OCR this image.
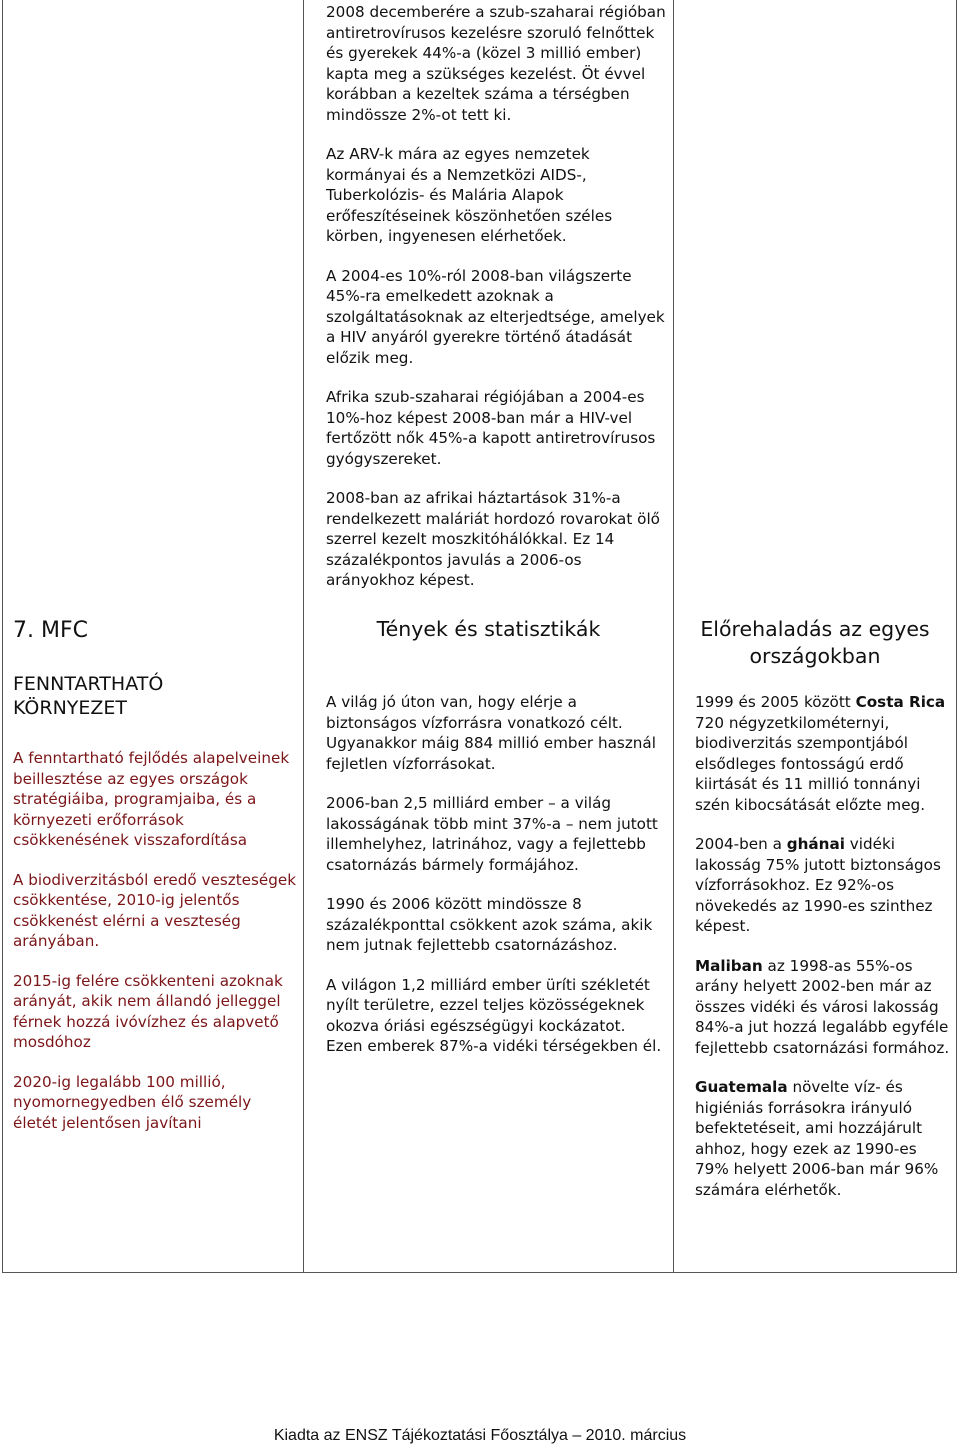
2008 decemberére a szub-szaharai régióban antiretrovírusos kezelésre szoruló felnőttek és gyerekek 44%-a (közel 3 millió ember) kapta meg a szükséges kezelést. Öt évvel korábban a kezeltek száma a térségben mindössze 2%-ot tett ki.

Az ARV-k mára az egyes nemzetek kormányai és a Nemzetközi AIDS-, Tuberkolózis- és Malária Alapok erőfeszítéseinek köszönhetően széles körben, ingyenesen elérhetőek.

A 2004-es 10%-ról 2008-ban világszerte 45%-ra emelkedett azoknak a szolgáltatásoknak az elterjedtsége, amelyek a HIV anyáról gyerekre történő átadását előzik meg.

Afrika szub-szaharai régiójában a 2004-es 10%-hoz képest 2008-ban már a HIV-vel fertőzött nők 45%-a kapott antiretrovírusos gyógyszereket.

2008-ban az afrikai háztartások 31%-a rendelkezett maláriát hordozó rovarokat ölő szerrel kezelt moszkitóhálókkal. Ez 14 százalékpontos javulás a 2006-os arányokhoz képest.

7. MFC
FENNTARTHATÓ
KÖRNYEZET

A fenntartható fejlődés alapelveinek beillesztése az egyes országok stratégiáiba, programjaiba, és a környezeti erőforrások csökkenésének visszafordítása

A biodiverzitásból eredő veszteségek csökkentése, 2010-ig jelentős csökkenést elérni a veszteség arányában.

2015-ig felére csökkenteni azoknak arányát, akik nem állandó jelleggel férnek hozzá ivóvízhez és alapvető mosdóhoz

2020-ig legalább 100 millió, nyomornegyedben élő személy életét jelentősen javítani

Tények és statisztikák

A világ jó úton van, hogy elérje a biztonságos vízforrásra vonatkozó célt. Ugyanakkor máig 884 millió ember használ fejletlen vízforrásokat.

2006-ban 2,5 milliárd ember – a világ lakosságának több mint 37%-a – nem jutott illemhelyhez, latrinához, vagy a fejlettebb csatornázás bármely formájához.

1990 és 2006 között mindössze 8 százalékponttal csökkent azok száma, akik nem jutnak fejlettebb csatornázáshoz.

A világon 1,2 milliárd ember üríti székletét nyílt területre, ezzel teljes közösségeknek okozva óriási egészségügyi kockázatot. Ezen emberek 87%-a vidéki térségekben él.

Előrehaladás az egyes országokban

1999 és 2005 között Costa Rica 720 négyzetkilométernyi, biodiverzitás szempontjából elsődleges fontosságú erdő kiirtását és 11 millió tonnányi szén kibocsátását előzte meg.

2004-ben a ghánai vidéki lakosság 75% jutott biztonságos vízforrásokhoz. Ez 92%-os növekedés az 1990-es szinthez képest.

Maliban az 1998-as 55%-os arány helyett 2002-ben már az összes vidéki és városi lakosság 84%-a jut hozzá legalább egyféle fejlettebb csatornázási formához.

Guatemala növelte víz- és higiéniás forrásokra irányuló befektetéseit, ami hozzájárult ahhoz, hogy ezek az 1990-es 79% helyett 2006-ban már 96% számára elérhetők.

Kiadta az ENSZ Tájékoztatási Főosztálya – 2010. március
